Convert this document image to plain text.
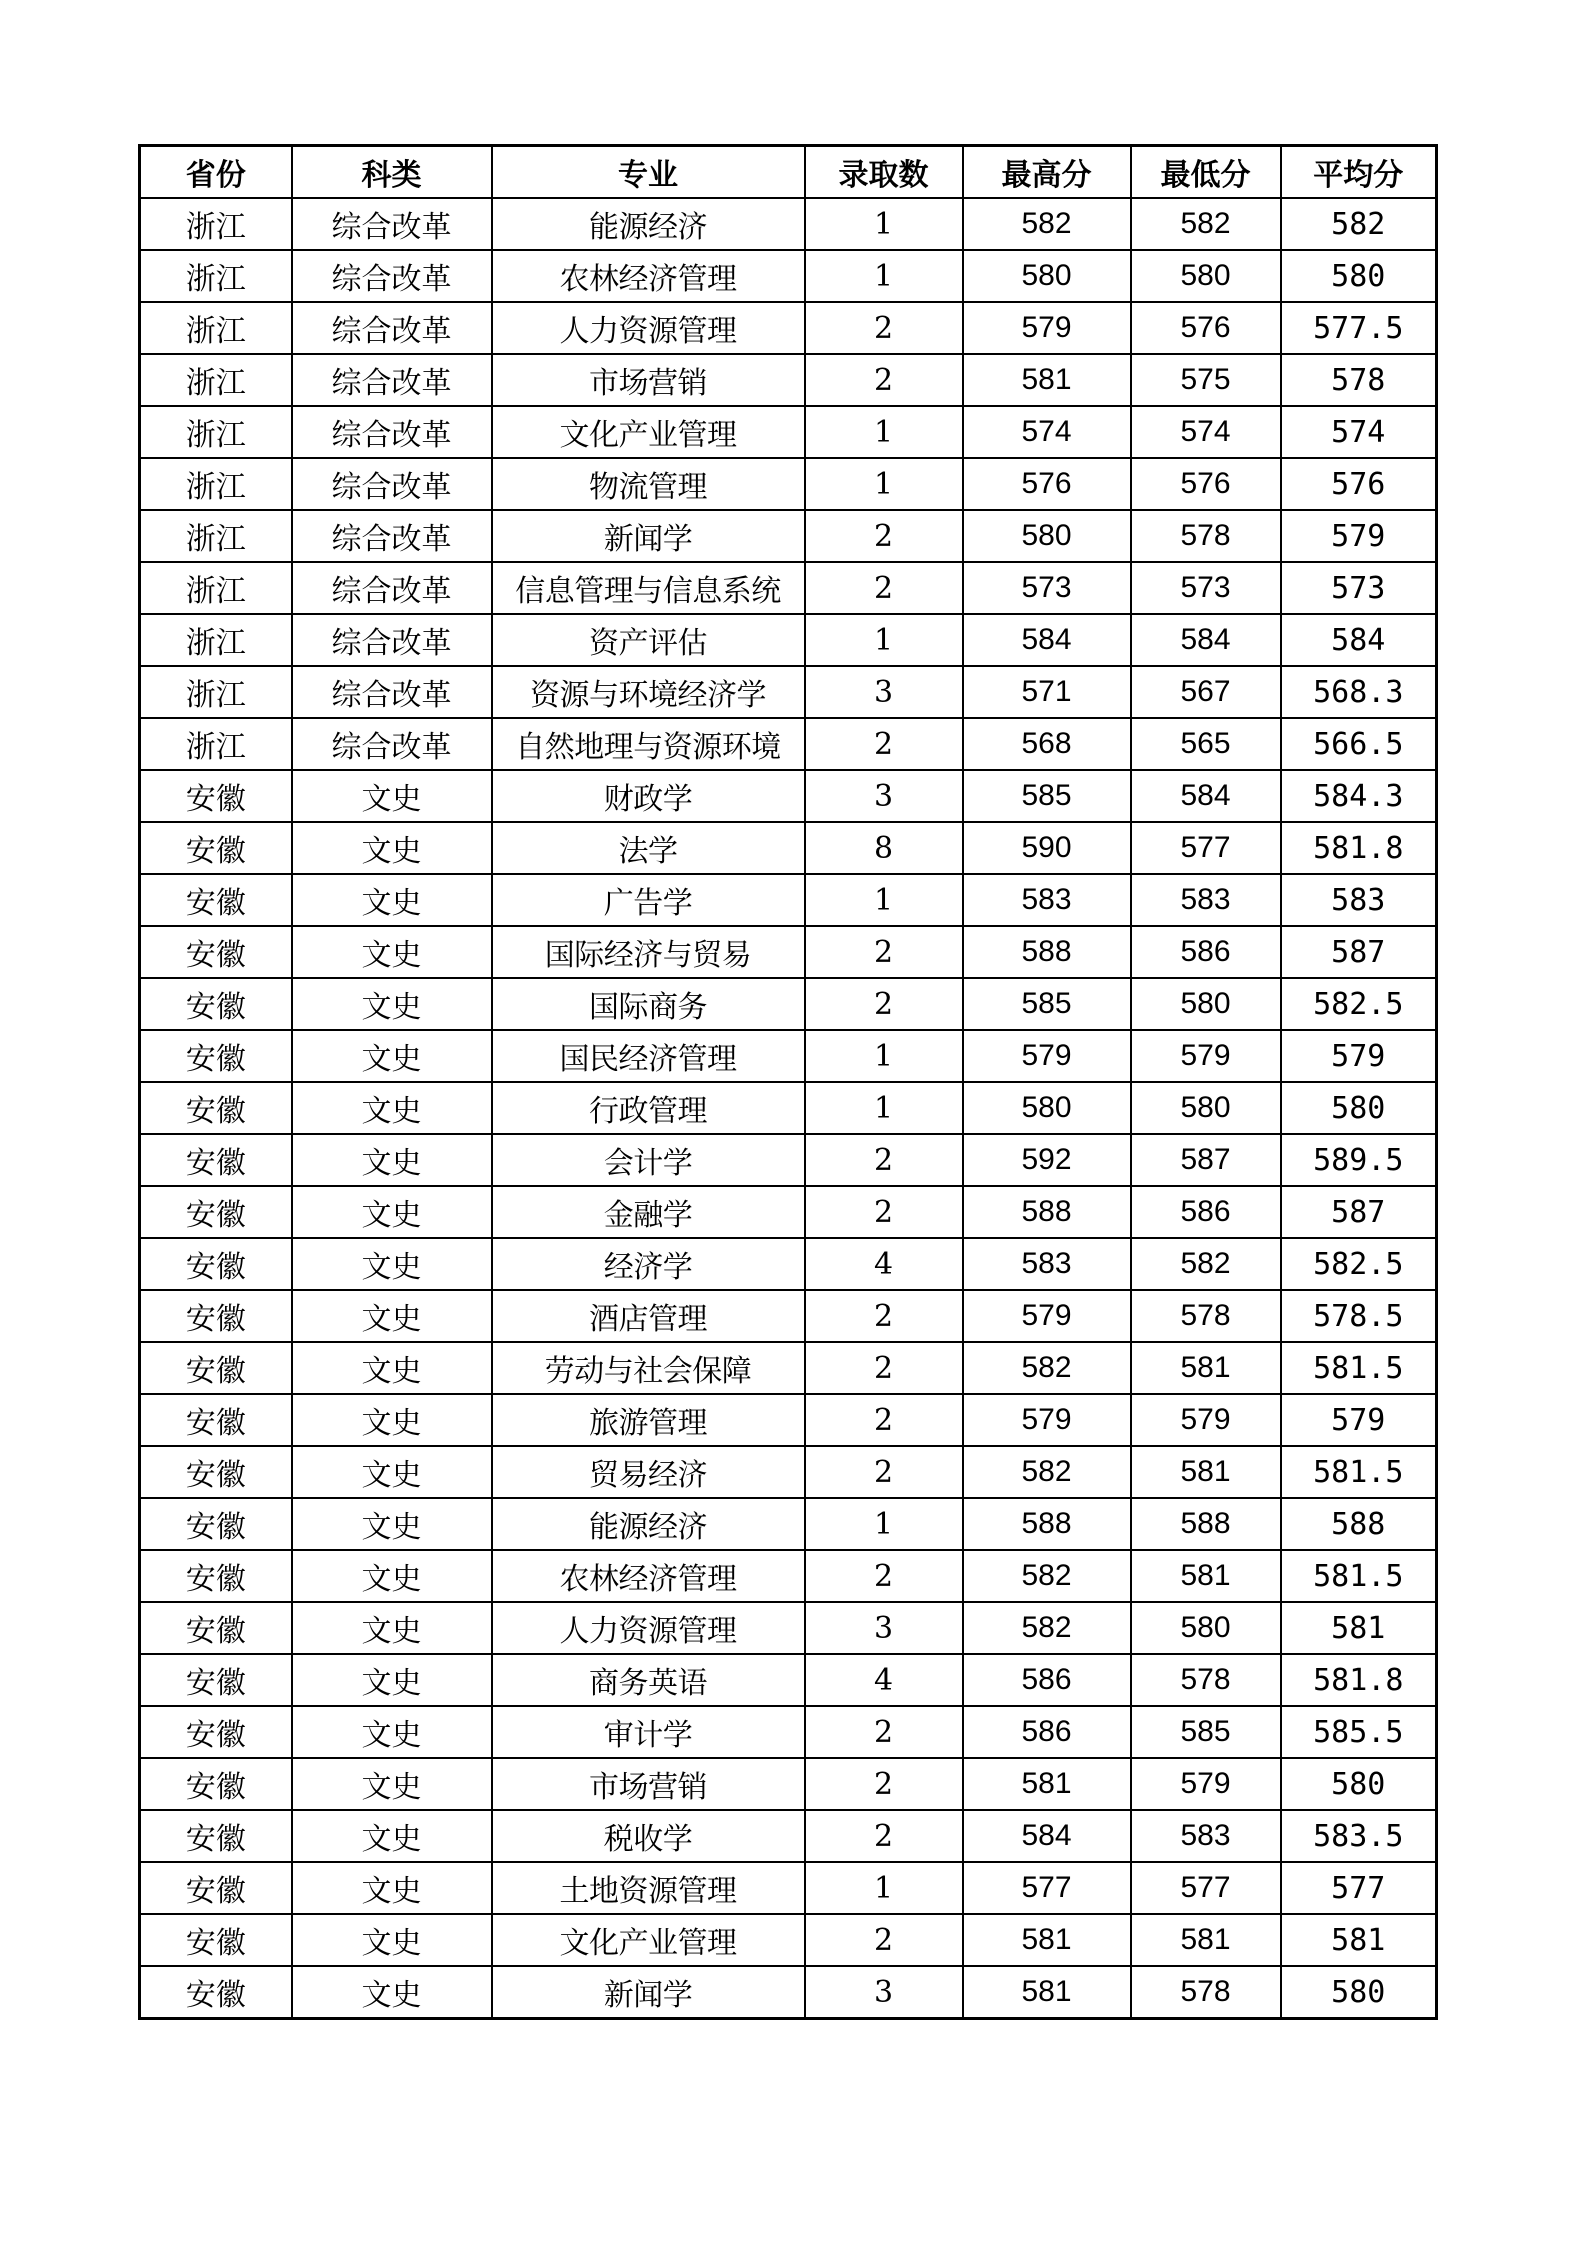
省份	科类	专业	录取数	最高分	最低分	平均分
浙江	综合改革	能源经济	1	582	582	582
浙江	综合改革	农林经济管理	1	580	580	580
浙江	综合改革	人力资源管理	2	579	576	577.5
浙江	综合改革	市场营销	2	581	575	578
浙江	综合改革	文化产业管理	1	574	574	574
浙江	综合改革	物流管理	1	576	576	576
浙江	综合改革	新闻学	2	580	578	579
浙江	综合改革	信息管理与信息系统	2	573	573	573
浙江	综合改革	资产评估	1	584	584	584
浙江	综合改革	资源与环境经济学	3	571	567	568.3
浙江	综合改革	自然地理与资源环境	2	568	565	566.5
安徽	文史	财政学	3	585	584	584.3
安徽	文史	法学	8	590	577	581.8
安徽	文史	广告学	1	583	583	583
安徽	文史	国际经济与贸易	2	588	586	587
安徽	文史	国际商务	2	585	580	582.5
安徽	文史	国民经济管理	1	579	579	579
安徽	文史	行政管理	1	580	580	580
安徽	文史	会计学	2	592	587	589.5
安徽	文史	金融学	2	588	586	587
安徽	文史	经济学	4	583	582	582.5
安徽	文史	酒店管理	2	579	578	578.5
安徽	文史	劳动与社会保障	2	582	581	581.5
安徽	文史	旅游管理	2	579	579	579
安徽	文史	贸易经济	2	582	581	581.5
安徽	文史	能源经济	1	588	588	588
安徽	文史	农林经济管理	2	582	581	581.5
安徽	文史	人力资源管理	3	582	580	581
安徽	文史	商务英语	4	586	578	581.8
安徽	文史	审计学	2	586	585	585.5
安徽	文史	市场营销	2	581	579	580
安徽	文史	税收学	2	584	583	583.5
安徽	文史	土地资源管理	1	577	577	577
安徽	文史	文化产业管理	2	581	581	581
安徽	文史	新闻学	3	581	578	580
